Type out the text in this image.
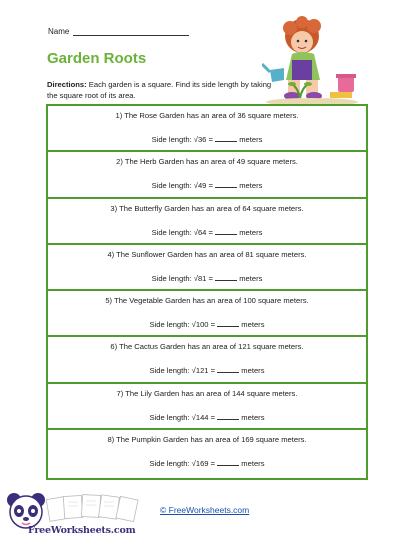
Name
Garden Roots
Directions: Each garden is a square. Find its side length by taking the square root of its area.
1) The Rose Garden has an area of 36 square meters.
Side length: √36 =	meters
2) The Herb Garden has an area of 49 square meters.
Side length: √49 =	meters
3) The Butterfly Garden has an area of 64 square meters.
Side length: √64 =	meters
4) The Sunflower Garden has an area of 81 square meters.
Side length: √81 =	meters
5) The Vegetable Garden has an area of 100 square meters.
Side length: √100 =	meters
6) The Cactus Garden has an area of 121 square meters.
Side length: √121 =	meters
7) The Lily Garden has an area of 144 square meters.
Side length: √144 =	meters
8) The Pumpkin Garden has an area of 169 square meters.
Side length: √169 =	meters
FreeWorksheets.com
© FreeWorksheets.com
